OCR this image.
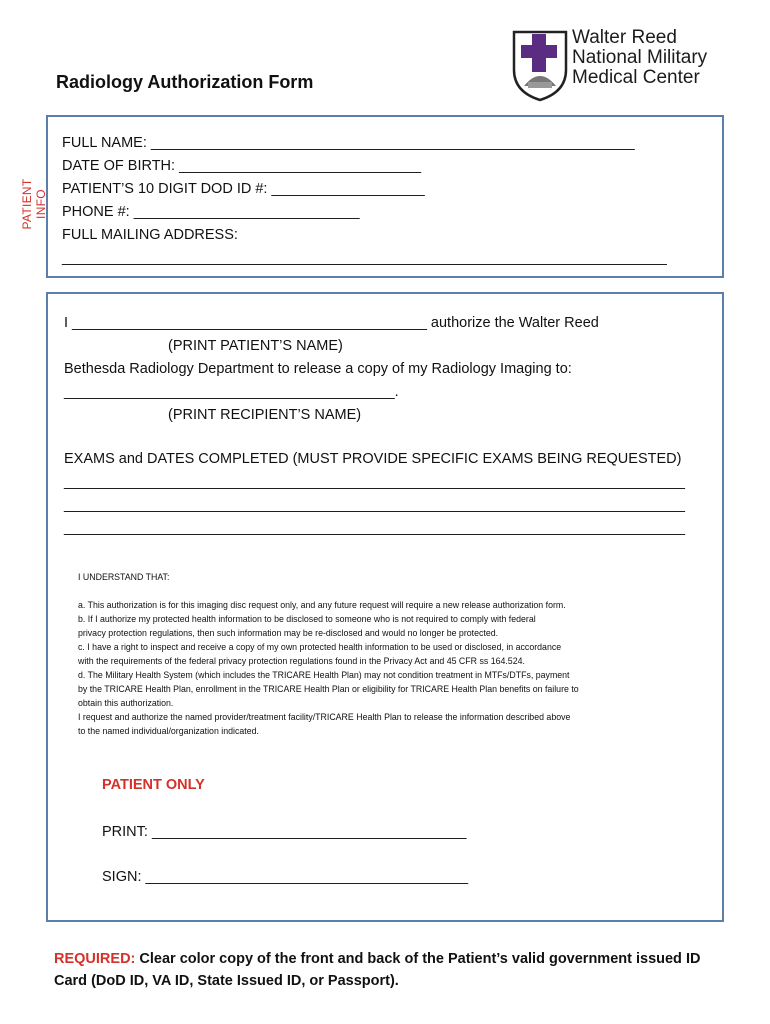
Radiology Authorization Form
Walter Reed
National Military
Medical Center
PATIENT INFO
FULL NAME: ____________________________________________________________
DATE OF BIRTH: ______________________________
PATIENT’S 10 DIGIT DOD ID #: ___________________
PHONE #: ____________________________
FULL MAILING ADDRESS:
___________________________________________________________________________
I ____________________________________________ authorize the Walter Reed
(PRINT PATIENT’S NAME)
Bethesda Radiology Department to release a copy of my Radiology Imaging to:
_________________________________________.
(PRINT RECIPIENT’S NAME)
EXAMS and DATES COMPLETED (MUST PROVIDE SPECIFIC EXAMS BEING REQUESTED)
_____________________________________________________________________________
_____________________________________________________________________________
_____________________________________________________________________________
I UNDERSTAND THAT:
a. This authorization is for this imaging disc request only, and any future request will require a new release authorization form.
b. If I authorize my protected health information to be disclosed to someone who is not required to comply with federal
privacy protection regulations, then such information may be re-disclosed and would no longer be protected.
c. I have a right to inspect and receive a copy of my own protected health information to be used or disclosed, in accordance
with the requirements of the federal privacy protection regulations found in the Privacy Act and 45 CFR ss 164.524.
d. The Military Health System (which includes the TRICARE Health Plan) may not condition treatment in MTFs/DTFs, payment
by the TRICARE Health Plan, enrollment in the TRICARE Health Plan or eligibility for TRICARE Health Plan benefits on failure to
obtain this authorization.
I request and authorize the named provider/treatment facility/TRICARE Health Plan to release the information described above
to the named individual/organization indicated.
PATIENT ONLY
PRINT: _______________________________________
SIGN: ________________________________________
REQUIRED: Clear color copy of the front and back of the Patient’s valid government issued ID Card (DoD ID, VA ID, State Issued ID, or Passport).
